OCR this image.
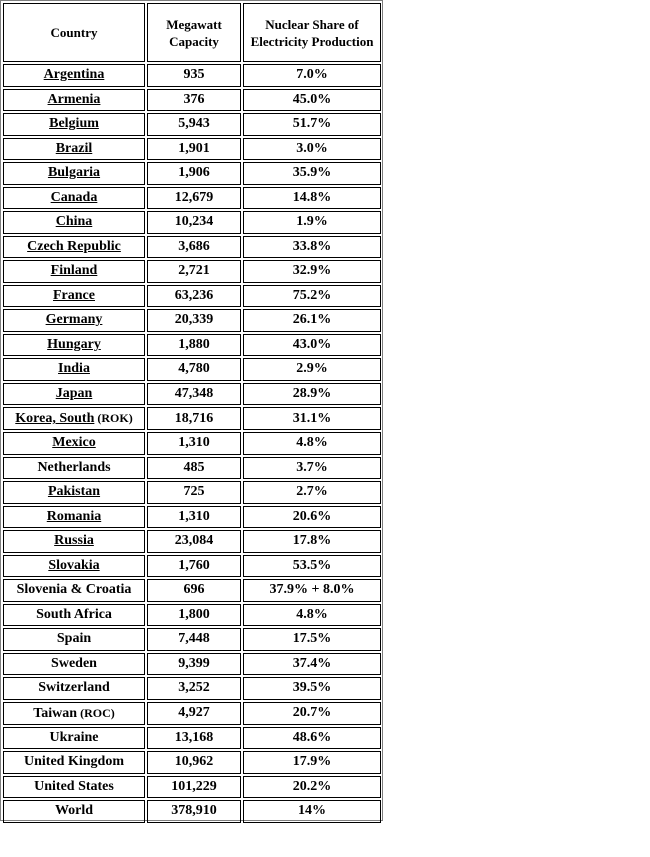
Country	Megawatt Capacity	Nuclear Share of Electricity Production
Argentina	935	7.0%
Armenia	376	45.0%
Belgium	5,943	51.7%
Brazil	1,901	3.0%
Bulgaria	1,906	35.9%
Canada	12,679	14.8%
China	10,234	1.9%
Czech Republic	3,686	33.8%
Finland	2,721	32.9%
France	63,236	75.2%
Germany	20,339	26.1%
Hungary	1,880	43.0%
India	4,780	2.9%
Japan	47,348	28.9%
Korea, South (ROK)	18,716	31.1%
Mexico	1,310	4.8%
Netherlands	485	3.7%
Pakistan	725	2.7%
Romania	1,310	20.6%
Russia	23,084	17.8%
Slovakia	1,760	53.5%
Slovenia & Croatia	696	37.9% + 8.0%
South Africa	1,800	4.8%
Spain	7,448	17.5%
Sweden	9,399	37.4%
Switzerland	3,252	39.5%
Taiwan (ROC)	4,927	20.7%
Ukraine	13,168	48.6%
United Kingdom	10,962	17.9%
United States	101,229	20.2%
World	378,910	14%
